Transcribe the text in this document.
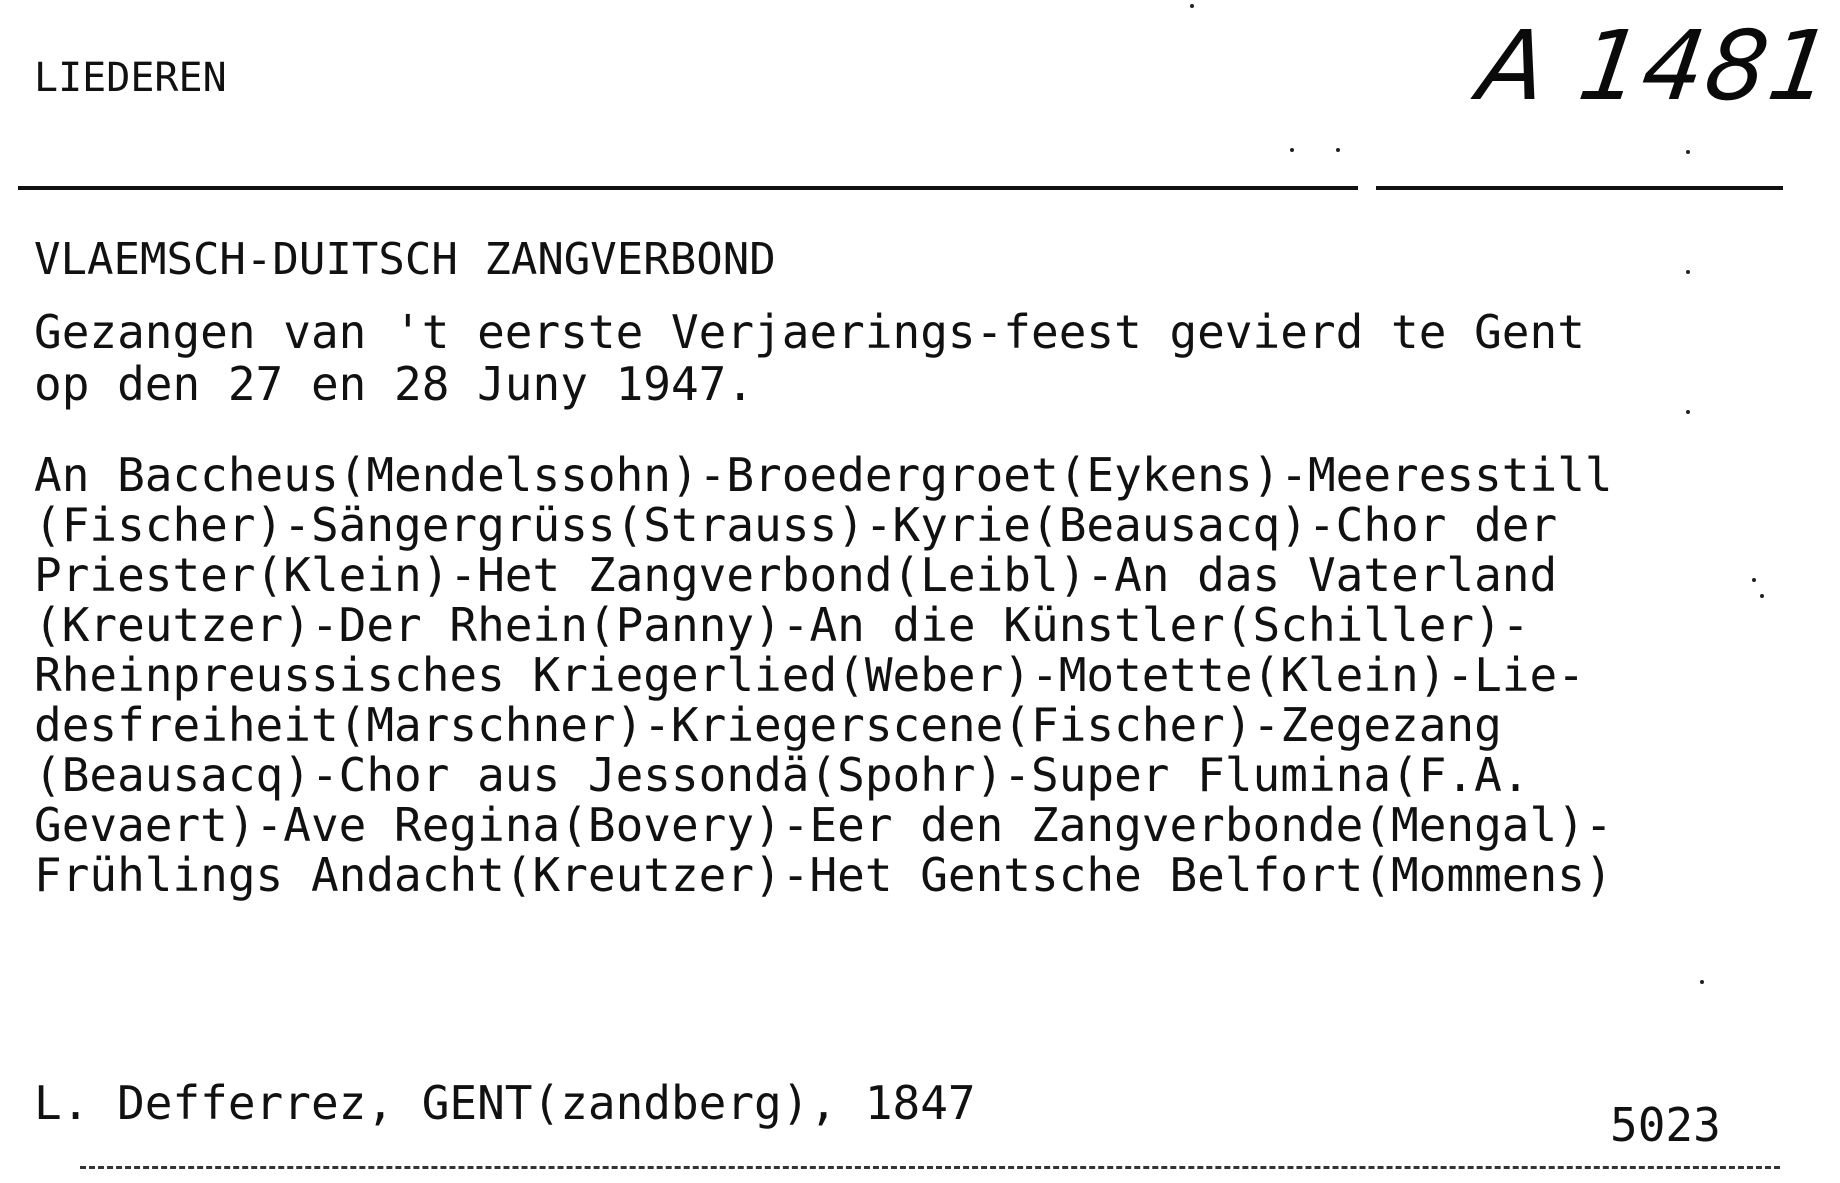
LIEDEREN	A 1481
VLAEMSCH-DUITSCH ZANGVERBOND
Gezangen van 't eerste Verjaerings-feest gevierd te Gent
op den 27 en 28 Juny 1947.
An Baccheus(Mendelssohn)-Broedergroet(Eykens)-Meeresstill
(Fischer)-Sängergrüss(Strauss)-Kyrie(Beausacq)-Chor der
Priester(Klein)-Het Zangverbond(Leibl)-An das Vaterland
(Kreutzer)-Der Rhein(Panny)-An die Künstler(Schiller)-
Rheinpreussisches Kriegerlied(Weber)-Motette(Klein)-Lie-
desfreiheit(Marschner)-Kriegerscene(Fischer)-Zegezang
(Beausacq)-Chor aus Jessondä(Spohr)-Super Flumina(F.A.
Gevaert)-Ave Regina(Bovery)-Eer den Zangverbonde(Mengal)-
Frühlings Andacht(Kreutzer)-Het Gentsche Belfort(Mommens)
L. Defferrez, GENT(zandberg), 1847	5023
